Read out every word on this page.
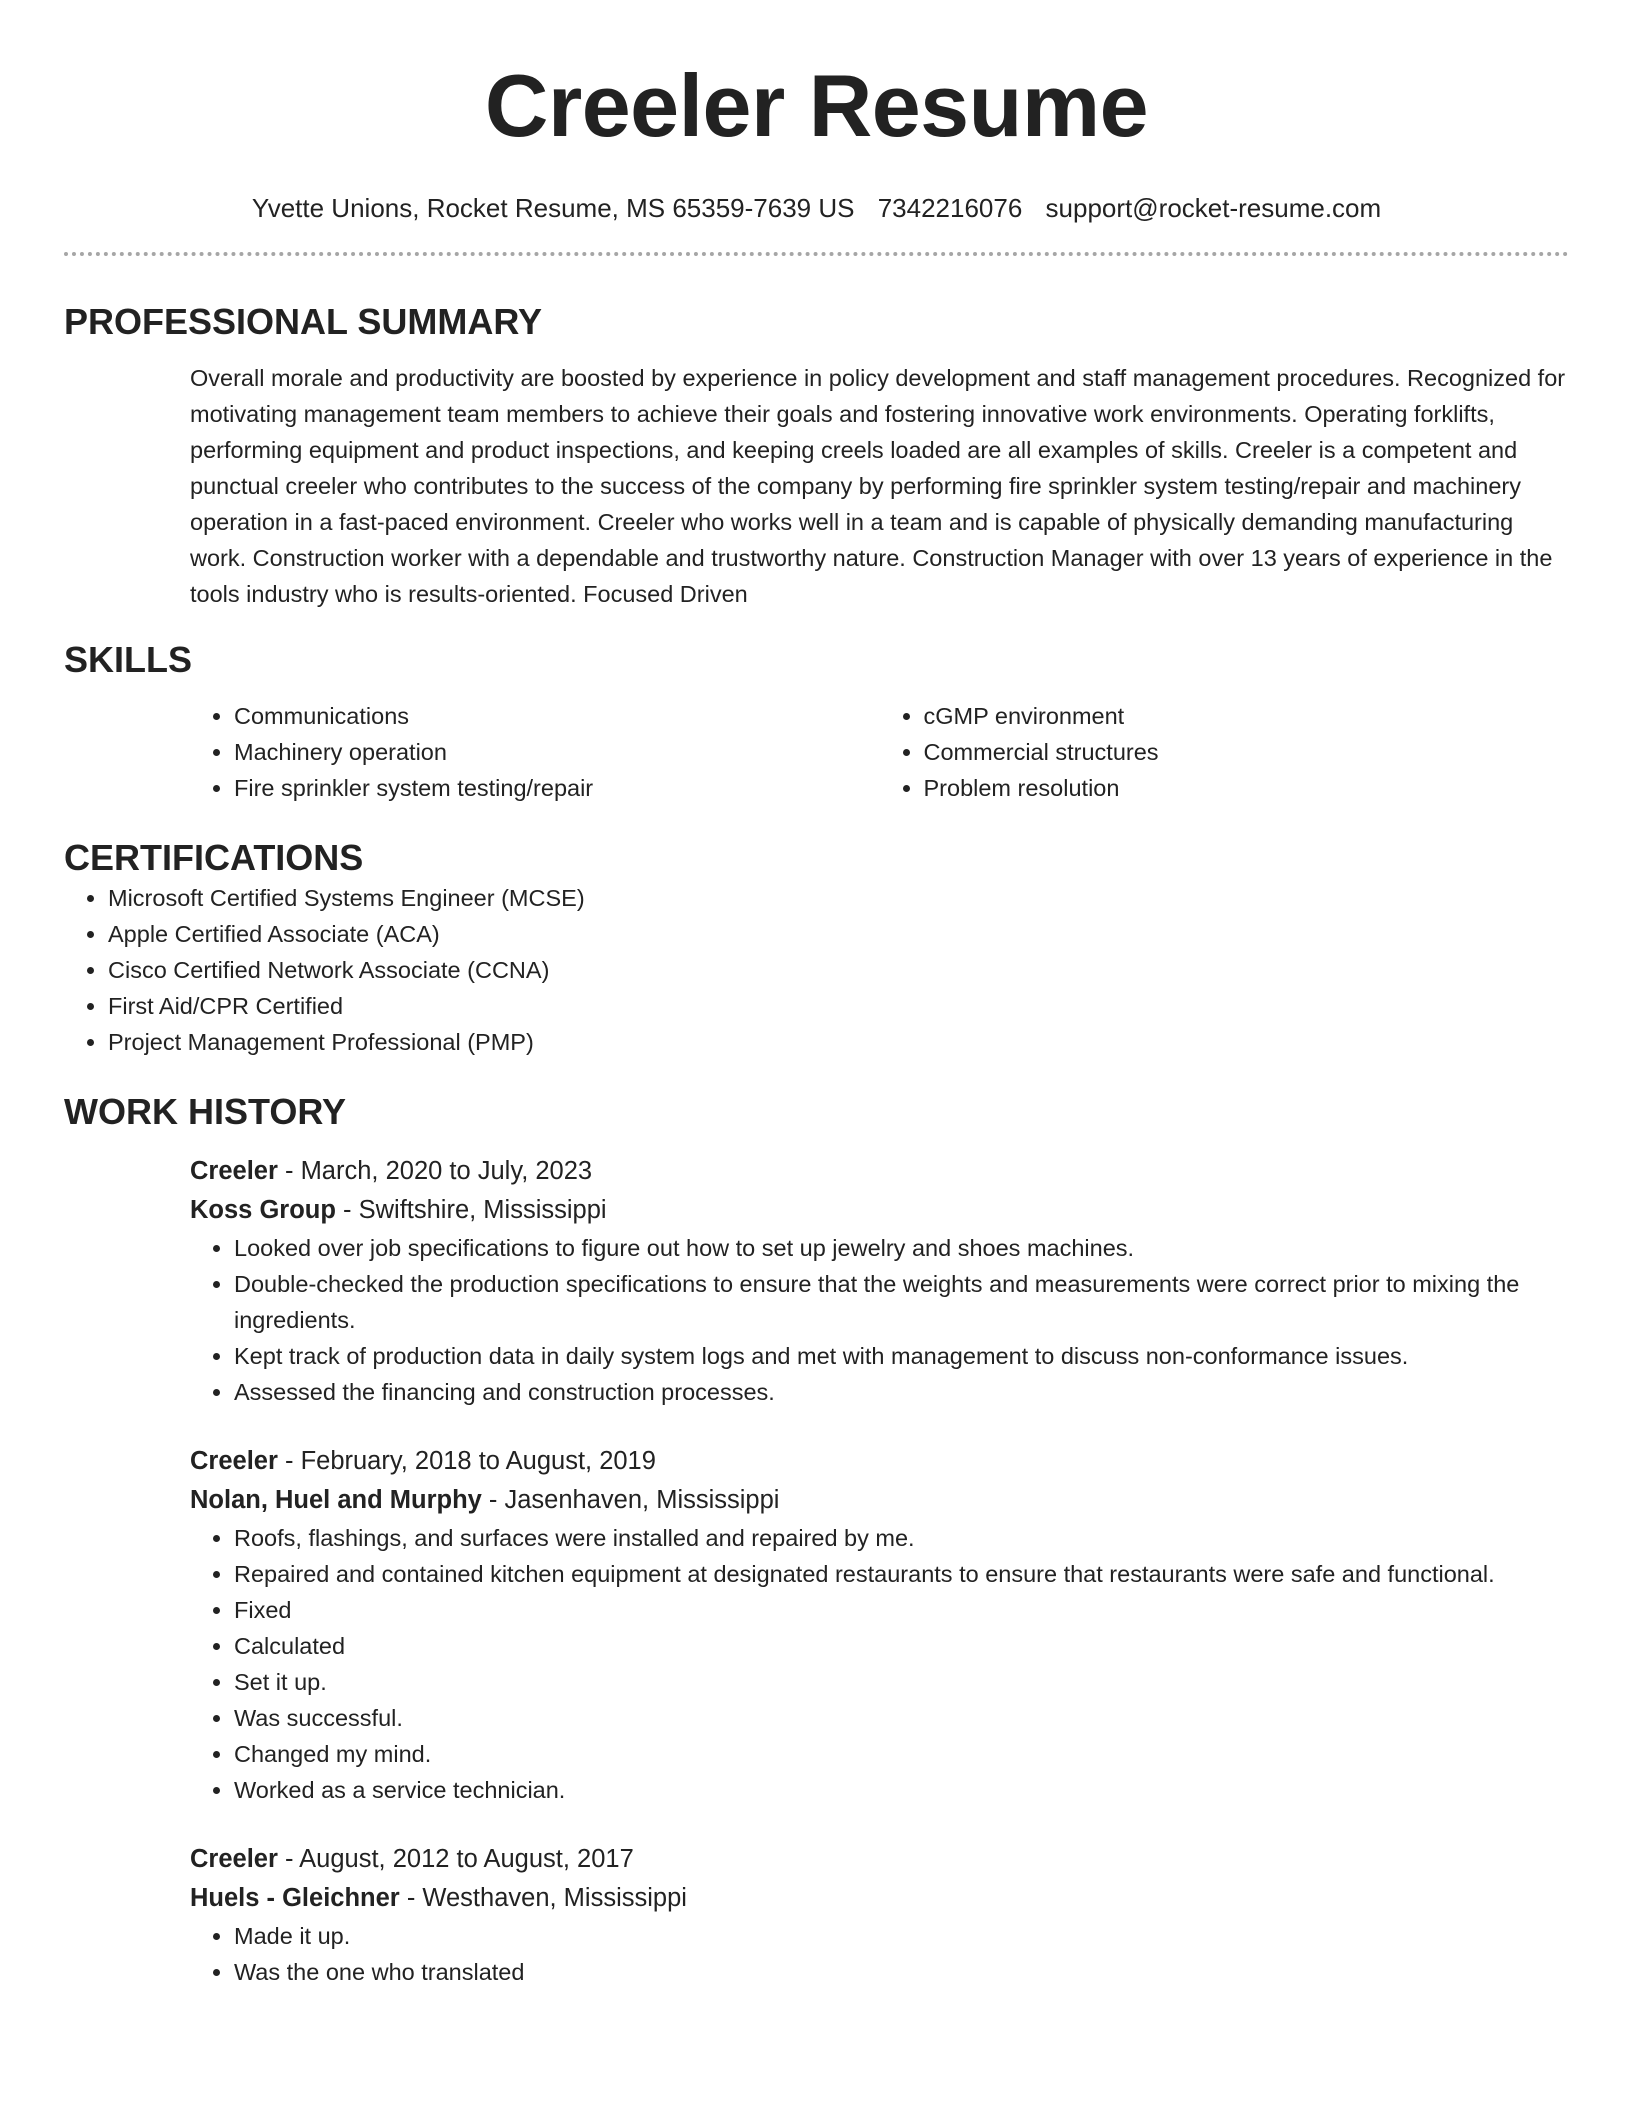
Creeler Resume
Yvette Unions, Rocket Resume, MS 65359-7639 US 7342216076 support@rocket-resume.com
PROFESSIONAL SUMMARY
Overall morale and productivity are boosted by experience in policy development and staff management procedures. Recognized for motivating management team members to achieve their goals and fostering innovative work environments. Operating forklifts, performing equipment and product inspections, and keeping creels loaded are all examples of skills. Creeler is a competent and punctual creeler who contributes to the success of the company by performing fire sprinkler system testing/repair and machinery operation in a fast-paced environment. Creeler who works well in a team and is capable of physically demanding manufacturing work. Construction worker with a dependable and trustworthy nature. Construction Manager with over 13 years of experience in the tools industry who is results-oriented. Focused Driven
SKILLS
• Communications
• Machinery operation
• Fire sprinkler system testing/repair
• cGMP environment
• Commercial structures
• Problem resolution
CERTIFICATIONS
• Microsoft Certified Systems Engineer (MCSE)
• Apple Certified Associate (ACA)
• Cisco Certified Network Associate (CCNA)
• First Aid/CPR Certified
• Project Management Professional (PMP)
WORK HISTORY
Creeler - March, 2020 to July, 2023
Koss Group - Swiftshire, Mississippi
• Looked over job specifications to figure out how to set up jewelry and shoes machines.
• Double-checked the production specifications to ensure that the weights and measurements were correct prior to mixing the ingredients.
• Kept track of production data in daily system logs and met with management to discuss non-conformance issues.
• Assessed the financing and construction processes.
Creeler - February, 2018 to August, 2019
Nolan, Huel and Murphy - Jasenhaven, Mississippi
• Roofs, flashings, and surfaces were installed and repaired by me.
• Repaired and contained kitchen equipment at designated restaurants to ensure that restaurants were safe and functional.
• Fixed
• Calculated
• Set it up.
• Was successful.
• Changed my mind.
• Worked as a service technician.
Creeler - August, 2012 to August, 2017
Huels - Gleichner - Westhaven, Mississippi
• Made it up.
• Was the one who translated
